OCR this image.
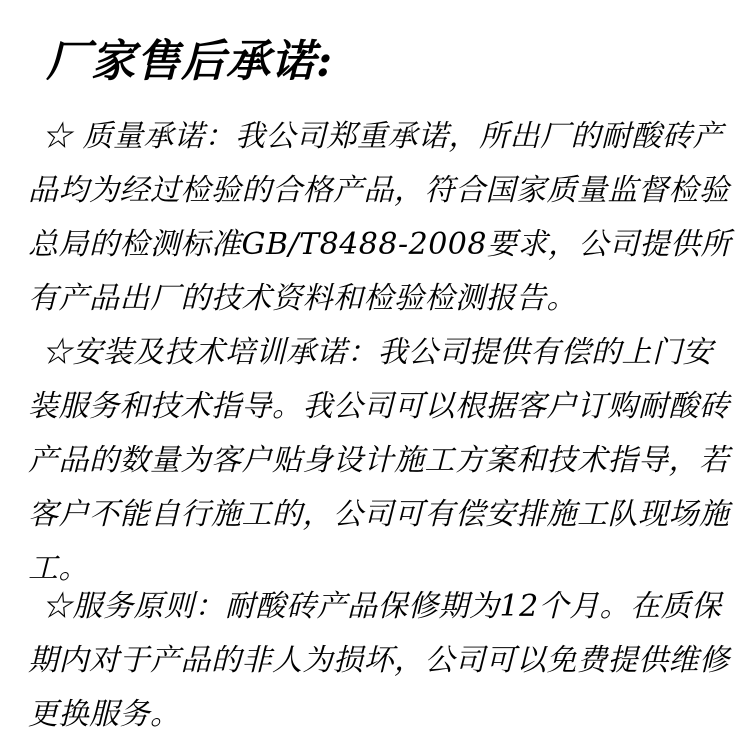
厂家售后承诺:
☆ 质量承诺：我公司郑重承诺，所出厂的耐酸砖产品均为经过检验的合格产品，符合国家质量监督检验总局的检测标准GB/T8488-2008要求，公司提供所有产品出厂的技术资料和检验检测报告。
☆安装及技术培训承诺：我公司提供有偿的上门安装服务和技术指导。我公司可以根据客户订购耐酸砖产品的数量为客户贴身设计施工方案和技术指导，若客户不能自行施工的，公司可有偿安排施工队现场施工。
☆服务原则：耐酸砖产品保修期为12个月。在质保期内对于产品的非人为损坏，公司可以免费提供维修更换服务。
